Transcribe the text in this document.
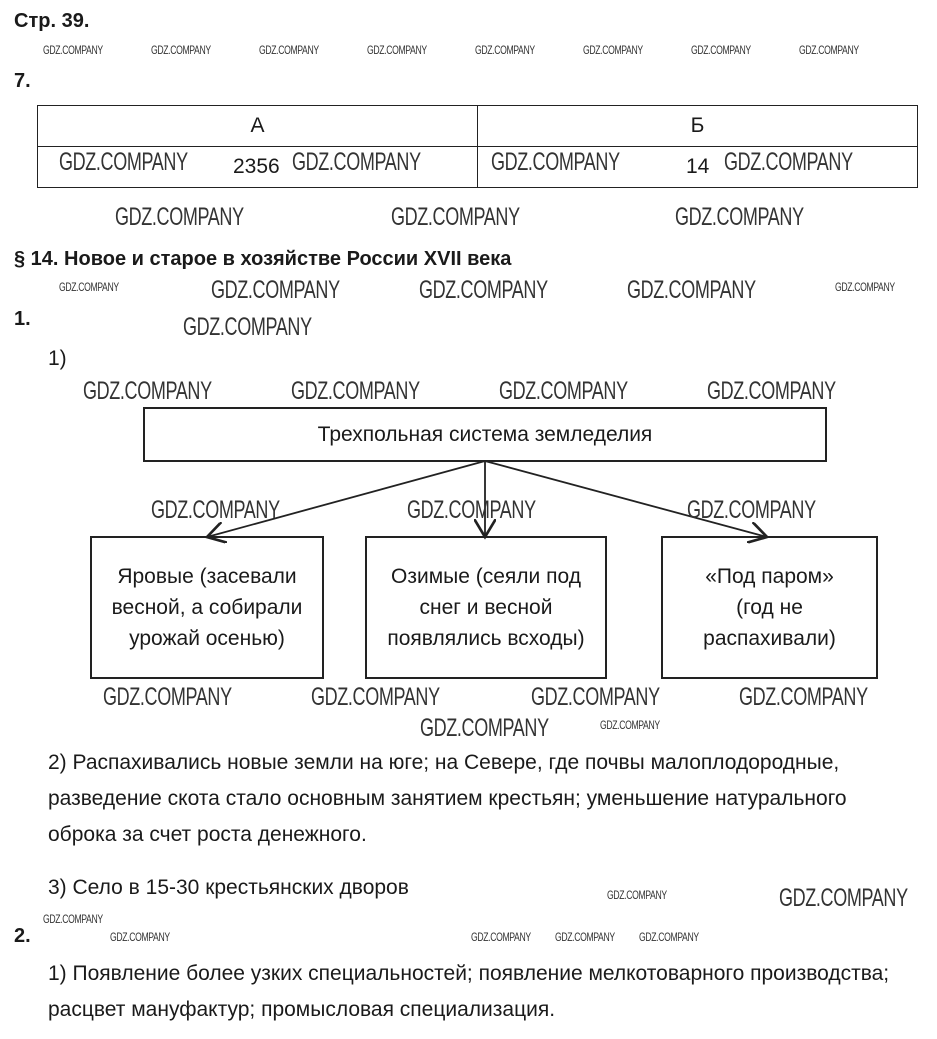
Стр. 39.
7.
А	Б
2356	14
§ 14. Новое и старое в хозяйстве России XVII века
1.
1)
Трехпольная система земледелия
Яровые (засевали весной, а собирали урожай осенью)
Озимые (сеяли под снег и весной появлялись всходы)
«Под паром» (год не распахивали)
2) Распахивались новые земли на юге; на Севере, где почвы малоплодородные, разведение скота стало основным занятием крестьян; уменьшение натурального оброка за счет роста денежного.
3) Село в 15-30 крестьянских дворов
2.
1) Появление более узких специальностей; появление мелкотоварного производства; расцвет мануфактур; промысловая специализация.
GDZ.COMPANY	GDZ.COMPANY	GDZ.COMPANY	GDZ.COMPANY	GDZ.COMPANY	GDZ.COMPANY	GDZ.COMPANY	GDZ.COMPANY
GDZ.COMPANY	GDZ.COMPANY	GDZ.COMPANY	GDZ.COMPANY
GDZ.COMPANY	GDZ.COMPANY	GDZ.COMPANY
GDZ.COMPANY	GDZ.COMPANY	GDZ.COMPANY	GDZ.COMPANY	GDZ.COMPANY
GDZ.COMPANY
GDZ.COMPANY	GDZ.COMPANY	GDZ.COMPANY	GDZ.COMPANY
GDZ.COMPANY	GDZ.COMPANY	GDZ.COMPANY
GDZ.COMPANY	GDZ.COMPANY	GDZ.COMPANY	GDZ.COMPANY
GDZ.COMPANY	GDZ.COMPANY
GDZ.COMPANY	GDZ.COMPANY
GDZ.COMPANY
GDZ.COMPANY	GDZ.COMPANY GDZ.COMPANY GDZ.COMPANY
